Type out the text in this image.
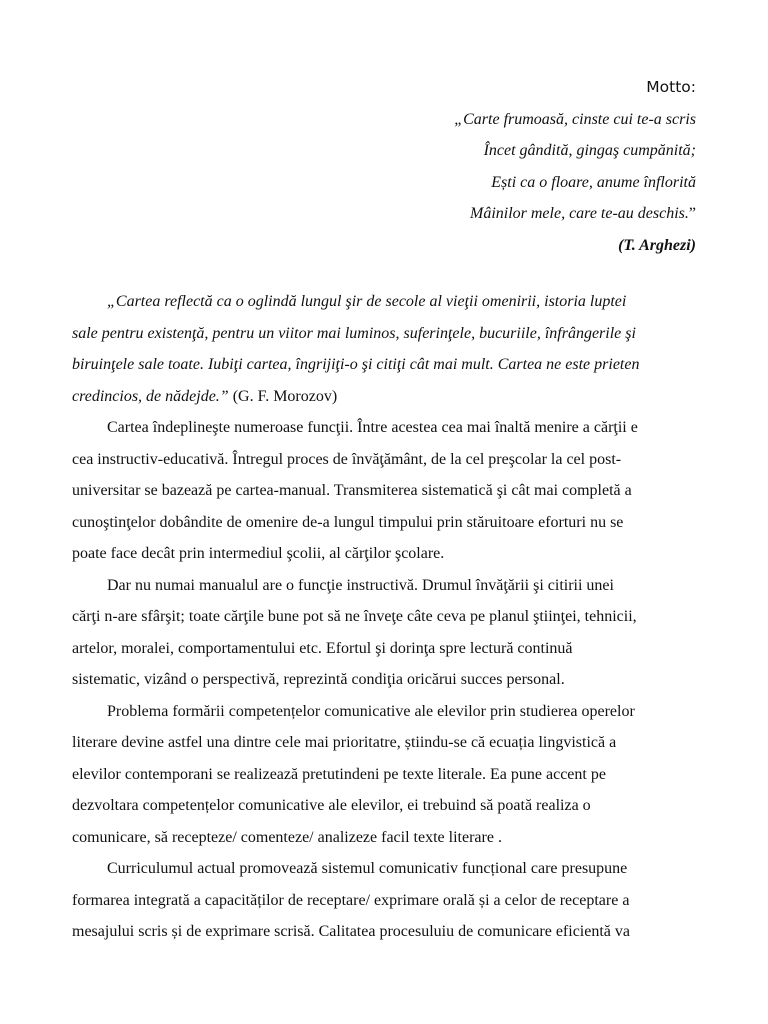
Motto:
„Carte frumoasă, cinste cui te-a scris
Încet gândită, gingaş cumpănită;
Ești ca o floare, anume înflorită
Mâinilor mele, care te-au deschis.”
(T. Arghezi)
„Cartea reflectă ca o oglindă lungul şir de secole al vieţii omenirii, istoria luptei
sale pentru existenţă, pentru un viitor mai luminos, suferinţele, bucuriile, înfrângerile şi
biruinţele sale toate. Iubiţi cartea, îngrijiţi-o şi citiţi cât mai mult. Cartea ne este prieten
credincios, de nădejde.” (G. F. Morozov)
Cartea îndeplineşte numeroase funcţii. Între acestea cea mai înaltă menire a cărţii e
cea instructiv-educativă. Întregul proces de învăţământ, de la cel preşcolar la cel post-
universitar se bazează pe cartea-manual. Transmiterea sistematică şi cât mai completă a
cunoştinţelor dobândite de omenire de-a lungul timpului prin stăruitoare eforturi nu se
poate face decât prin intermediul şcolii, al cărţilor şcolare.
Dar nu numai manualul are o funcţie instructivă. Drumul învăţării şi citirii unei
cărţi n-are sfârşit; toate cărţile bune pot să ne înveţe câte ceva pe planul ştiinţei, tehnicii,
artelor, moralei, comportamentului etc. Efortul şi dorinţa spre lectură continuă
sistematic, vizând o perspectivă, reprezintă condiţia oricărui succes personal.
Problema formării competențelor comunicative ale elevilor prin studierea operelor
literare devine astfel una dintre cele mai prioritatre, știindu-se că ecuația lingvistică a
elevilor contemporani se realizează pretutindeni pe texte literale. Ea pune accent pe
dezvoltara competențelor comunicative ale elevilor, ei trebuind să poată realiza o
comunicare, să recepteze/ comenteze/ analizeze facil texte literare .
Curriculumul actual promovează sistemul comunicativ funcțional care presupune
formarea integrată a capacităților de receptare/ exprimare orală și a celor de receptare a
mesajului scris și de exprimare scrisă. Calitatea procesuluiu de comunicare eficientă va
